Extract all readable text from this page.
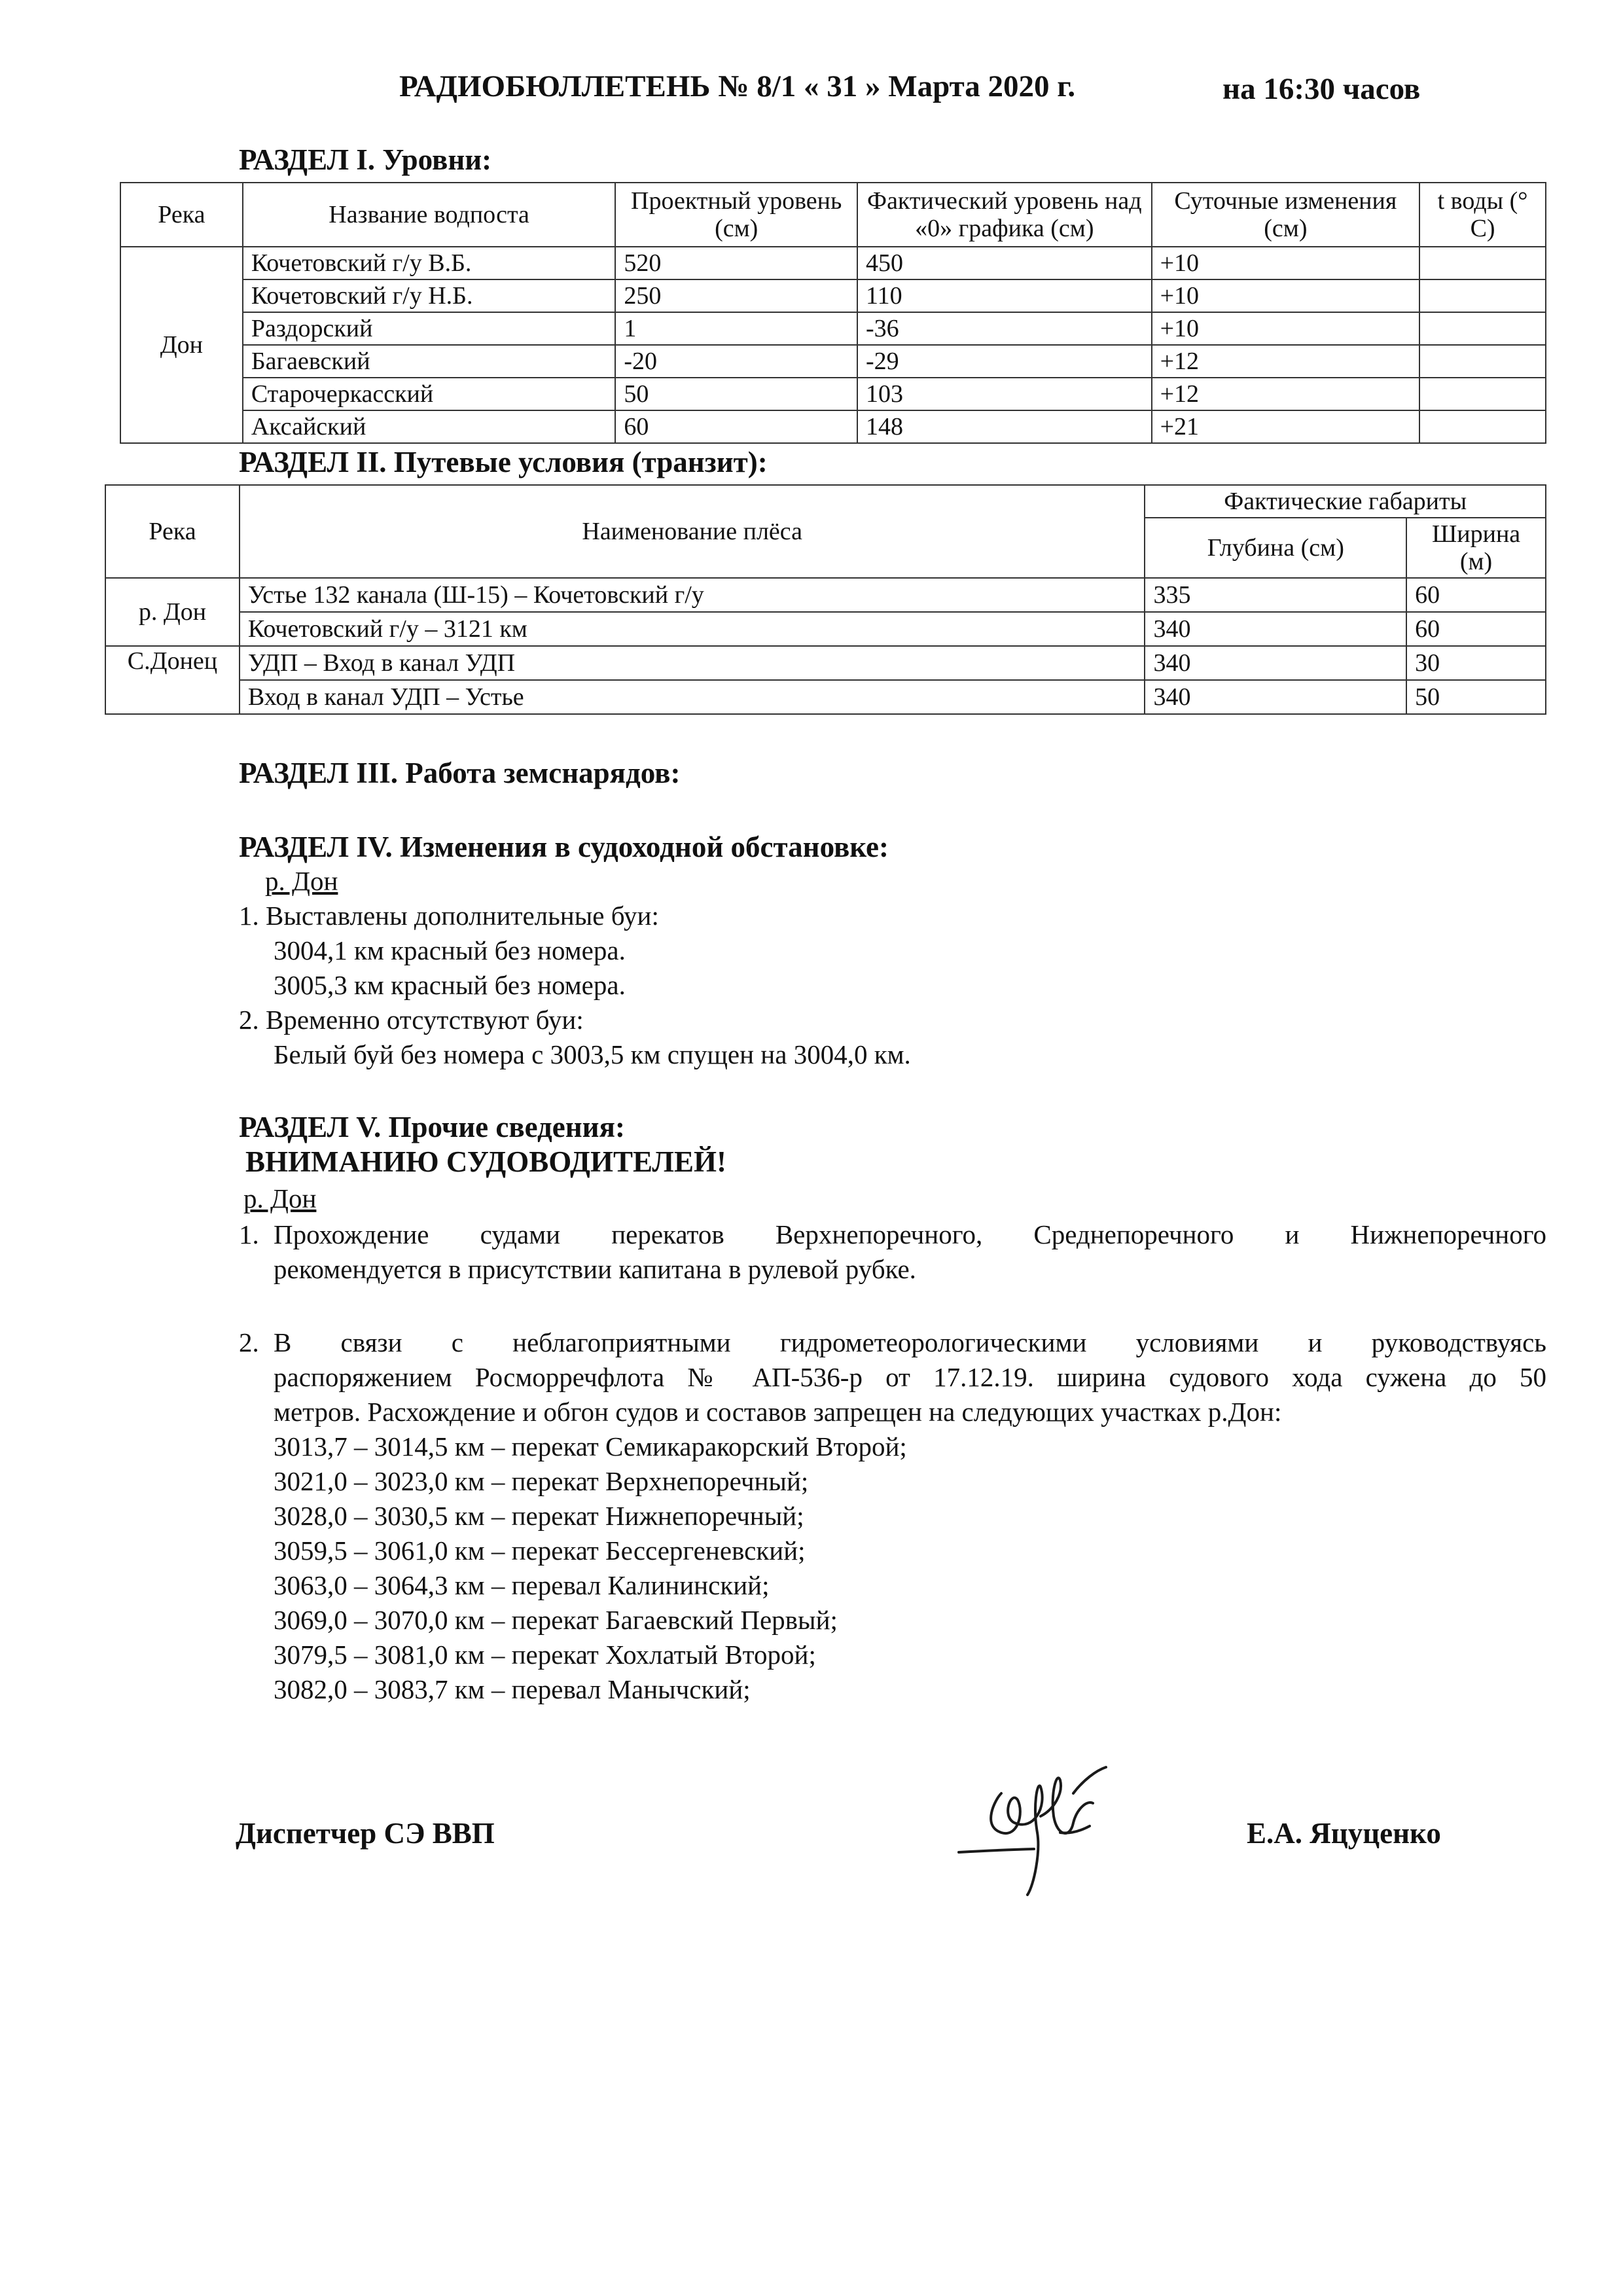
РАДИОБЮЛЛЕТЕНЬ № 8/1 « 31 » Марта 2020 г.	на 16:30 часов
РАЗДЕЛ I. Уровни:
Река	Название водпоста	Проектный уровень (см)	Фактический уровень над «0» графика (см)	Суточные изменения (см)	t воды (° С)
Дон	Кочетовский г/у В.Б.	520	450	+10	
	Кочетовский г/у Н.Б.	250	110	+10	
	Раздорский	1	-36	+10	
	Багаевский	-20	-29	+12	
	Старочеркасский	50	103	+12	
	Аксайский	60	148	+21	
РАЗДЕЛ II. Путевые условия (транзит):
Река	Наименование плёса	Фактические габариты	
		Глубина (см)	Ширина (м)
р. Дон	Устье 132 канала (Ш-15) – Кочетовский г/у	335	60
	Кочетовский г/у – 3121 км	340	60
С.Донец	УДП – Вход в канал УДП	340	30
	Вход в канал УДП – Устье	340	50
РАЗДЕЛ III. Работа земснарядов:
РАЗДЕЛ IV. Изменения в судоходной обстановке:
р. Дон
1. Выставлены дополнительные буи:
3004,1 км красный без номера.
3005,3 км красный без номера.
2. Временно отсутствуют буи:
Белый буй без номера с 3003,5 км спущен на 3004,0 км.
РАЗДЕЛ V. Прочие сведения:
ВНИМАНИЮ СУДОВОДИТЕЛЕЙ!
р. Дон
1. Прохождение судами перекатов Верхнепоречного, Среднепоречного и Нижнепоречного
рекомендуется в присутствии капитана в рулевой рубке.
2. В связи с неблагоприятными гидрометеорологическими условиями и руководствуясь
распоряжением Росморречфлота № АП-536-р от 17.12.19. ширина судового хода сужена до 50
метров. Расхождение и обгон судов и составов запрещен на следующих участках р.Дон:
3013,7 – 3014,5 км – перекат Семикаракорский Второй;
3021,0 – 3023,0 км – перекат Верхнепоречный;
3028,0 – 3030,5 км – перекат Нижнепоречный;
3059,5 – 3061,0 км – перекат Бессергеневский;
3063,0 – 3064,3 км – перевал Калининский;
3069,0 – 3070,0 км – перекат Багаевский Первый;
3079,5 – 3081,0 км – перекат Хохлатый Второй;
3082,0 – 3083,7 км – перевал Манычский;
Диспетчер СЭ ВВП	Е.А. Яцуценко
